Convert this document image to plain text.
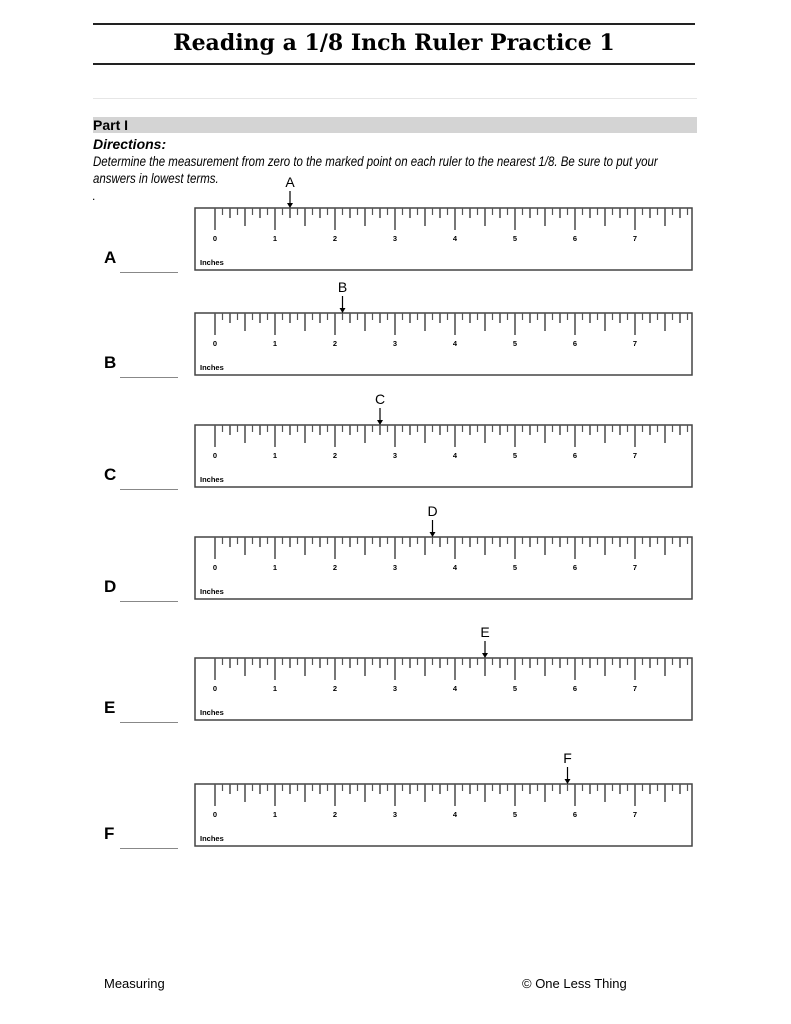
Reading a 1/8 Inch Ruler Practice 1
Part I
Directions:
Determine the measurement from zero to the marked point on each ruler to the nearest 1/8. Be sure to put your answers in lowest terms.
.
A
0	1	2	3	4	5	6	7
Inches
A
B
0	1	2	3	4	5	6	7
Inches
B
C
0	1	2	3	4	5	6	7
Inches
C
D
0	1	2	3	4	5	6	7
Inches
D
E
0	1	2	3	4	5	6	7
Inches
E
F
0	1	2	3	4	5	6	7
Inches
F
Measuring	© One Less Thing
